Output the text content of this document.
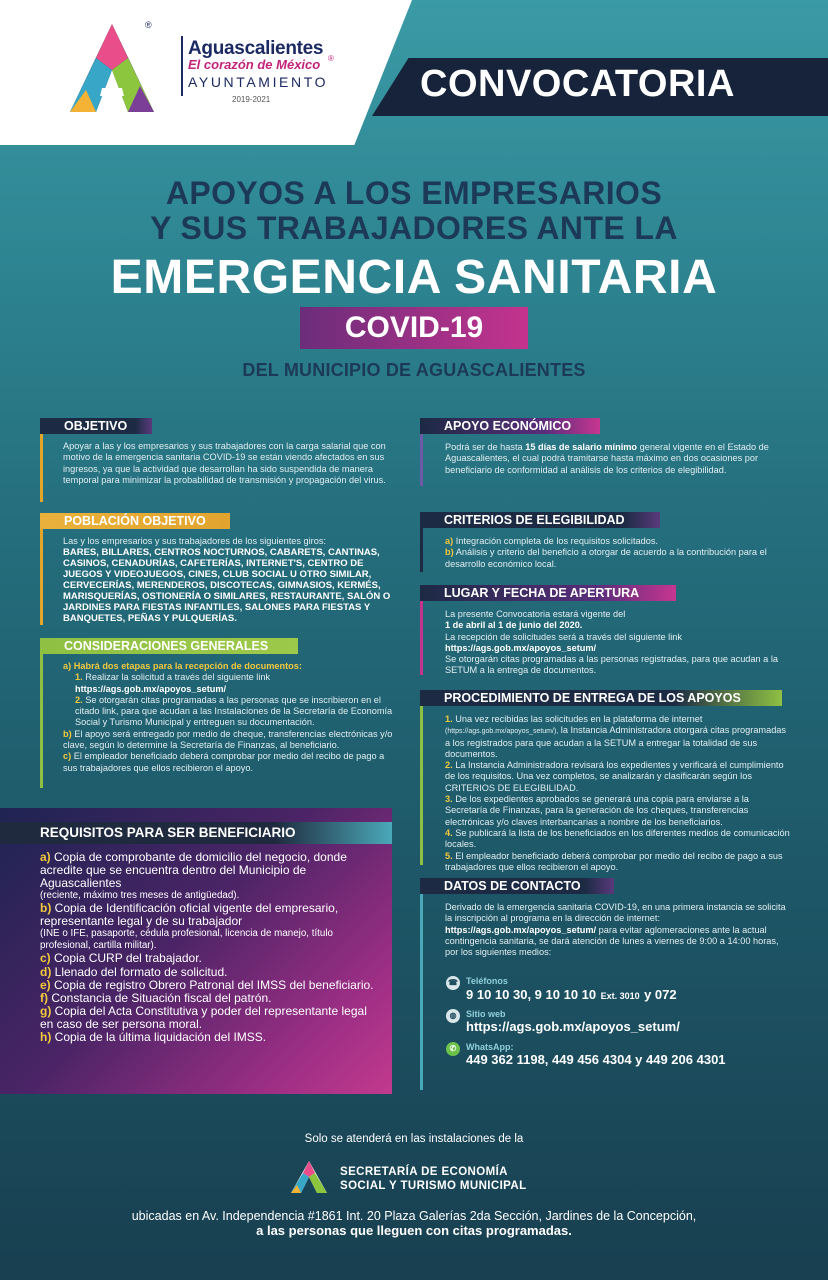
®
Aguascalientes
El corazón de México ®
AYUNTAMIENTO
2019-2021	CONVOCATORIA
APOYOS A LOS EMPRESARIOS
Y SUS TRABAJADORES ANTE LA
EMERGENCIA SANITARIA
COVID-19
DEL MUNICIPIO DE AGUASCALIENTES
OBJETIVO
Apoyar a las y los empresarios y sus trabajadores con la carga salarial que con motivo de la emergencia sanitaria COVID-19 se están viendo afectados en sus ingresos, ya que la actividad que desarrollan ha sido suspendida de manera temporal para minimizar la probabilidad de transmisión y propagación del virus.
POBLACIÓN OBJETIVO
Las y los empresarios y sus trabajadores de los siguientes giros:
BARES, BILLARES, CENTROS NOCTURNOS, CABARETS, CANTINAS, CASINOS, CENADURÍAS, CAFETERÍAS, INTERNET'S, CENTRO DE JUEGOS Y VIDEOJUEGOS, CINES, CLUB SOCIAL U OTRO SIMILAR, CERVECERÍAS, MERENDEROS, DISCOTECAS, GIMNASIOS, KERMÉS, MARISQUERÍAS, OSTIONERÍA O SIMILARES, RESTAURANTE, SALÓN O JARDINES PARA FIESTAS INFANTILES, SALONES PARA FIESTAS Y BANQUETES, PEÑAS Y PULQUERÍAS.
CONSIDERACIONES GENERALES
a) Habrá dos etapas para la recepción de documentos:
1. Realizar la solicitud a través del siguiente link
https://ags.gob.mx/apoyos_setum/
2. Se otorgarán citas programadas a las personas que se inscribieron en el citado link, para que acudan a las Instalaciones de la Secretaría de Economía Social y Turismo Municipal y entreguen su documentación.
b) El apoyo será entregado por medio de cheque, transferencias electrónicas y/o clave, según lo determine la Secretaría de Finanzas, al beneficiario.
c) El empleador beneficiado deberá comprobar por medio del recibo de pago a sus trabajadores que ellos recibieron el apoyo.
REQUISITOS PARA SER BENEFICIARIO
a) Copia de comprobante de domicilio del negocio, donde acredite que se encuentra dentro del Municipio de Aguascalientes
(reciente, máximo tres meses de antigüedad).
b) Copia de Identificación oficial vigente del empresario, representante legal y de su trabajador
(INE o IFE, pasaporte, cédula profesional, licencia de manejo, título profesional, cartilla militar).
c) Copia CURP del trabajador.
d) Llenado del formato de solicitud.
e) Copia de registro Obrero Patronal del IMSS del beneficiario.
f) Constancia de Situación fiscal del patrón.
g) Copia del Acta Constitutiva y poder del representante legal en caso de ser persona moral.
h) Copia de la última liquidación del IMSS.
APOYO ECONÓMICO
Podrá ser de hasta 15 días de salario mínimo general vigente en el Estado de Aguascalientes, el cual podrá tramitarse hasta máximo en dos ocasiones por beneficiario de conformidad al análisis de los criterios de elegibilidad.
CRITERIOS DE ELEGIBILIDAD
a) Integración completa de los requisitos solicitados.
b) Análisis y criterio del beneficio a otorgar de acuerdo a la contribución para el desarrollo económico local.
LUGAR Y FECHA DE APERTURA
La presente Convocatoria estará vigente del
1 de abril al 1 de junio del 2020.
La recepción de solicitudes será a través del siguiente link
https://ags.gob.mx/apoyos_setum/
Se otorgarán citas programadas a las personas registradas, para que acudan a la SETUM a la entrega de documentos.
PROCEDIMIENTO DE ENTREGA DE LOS APOYOS
1. Una vez recibidas las solicitudes en la plataforma de internet (https://ags.gob.mx/apoyos_setum/), la Instancia Administradora otorgará citas programadas a los registrados para que acudan a la SETUM a entregar la totalidad de sus documentos.
2. La Instancia Administradora revisará los expedientes y verificará el cumplimiento de los requisitos. Una vez completos, se analizarán y clasificarán según los CRITERIOS DE ELEGIBILIDAD.
3. De los expedientes aprobados se generará una copia para enviarse a la Secretaría de Finanzas, para la generación de los cheques, transferencias electrónicas y/o claves interbancarias a nombre de los beneficiarios.
4. Se publicará la lista de los beneficiados en los diferentes medios de comunicación locales.
5. El empleador beneficiado deberá comprobar por medio del recibo de pago a sus trabajadores que ellos recibieron el apoyo.
DATOS DE CONTACTO
Derivado de la emergencia sanitaria COVID-19, en una primera instancia se solicita la inscripción al programa en la dirección de internet: https://ags.gob.mx/apoyos_setum/ para evitar aglomeraciones ante la actual contingencia sanitaria, se dará atención de lunes a viernes de 9:00 a 14:00 horas, por los siguientes medios:
☎ Teléfonos
9 10 10 30, 9 10 10 10 Ext. 3010 y 072
◍	Sitio web
https://ags.gob.mx/apoyos_setum/
✆	WhatsApp:
449 362 1198, 449 456 4304 y 449 206 4301
Solo se atenderá en las instalaciones de la
SECRETARÍA DE ECONOMÍA
SOCIAL Y TURISMO MUNICIPAL
ubicadas en Av. Independencia #1861 Int. 20 Plaza Galerías 2da Sección, Jardines de la Concepción,
a las personas que lleguen con citas programadas.
